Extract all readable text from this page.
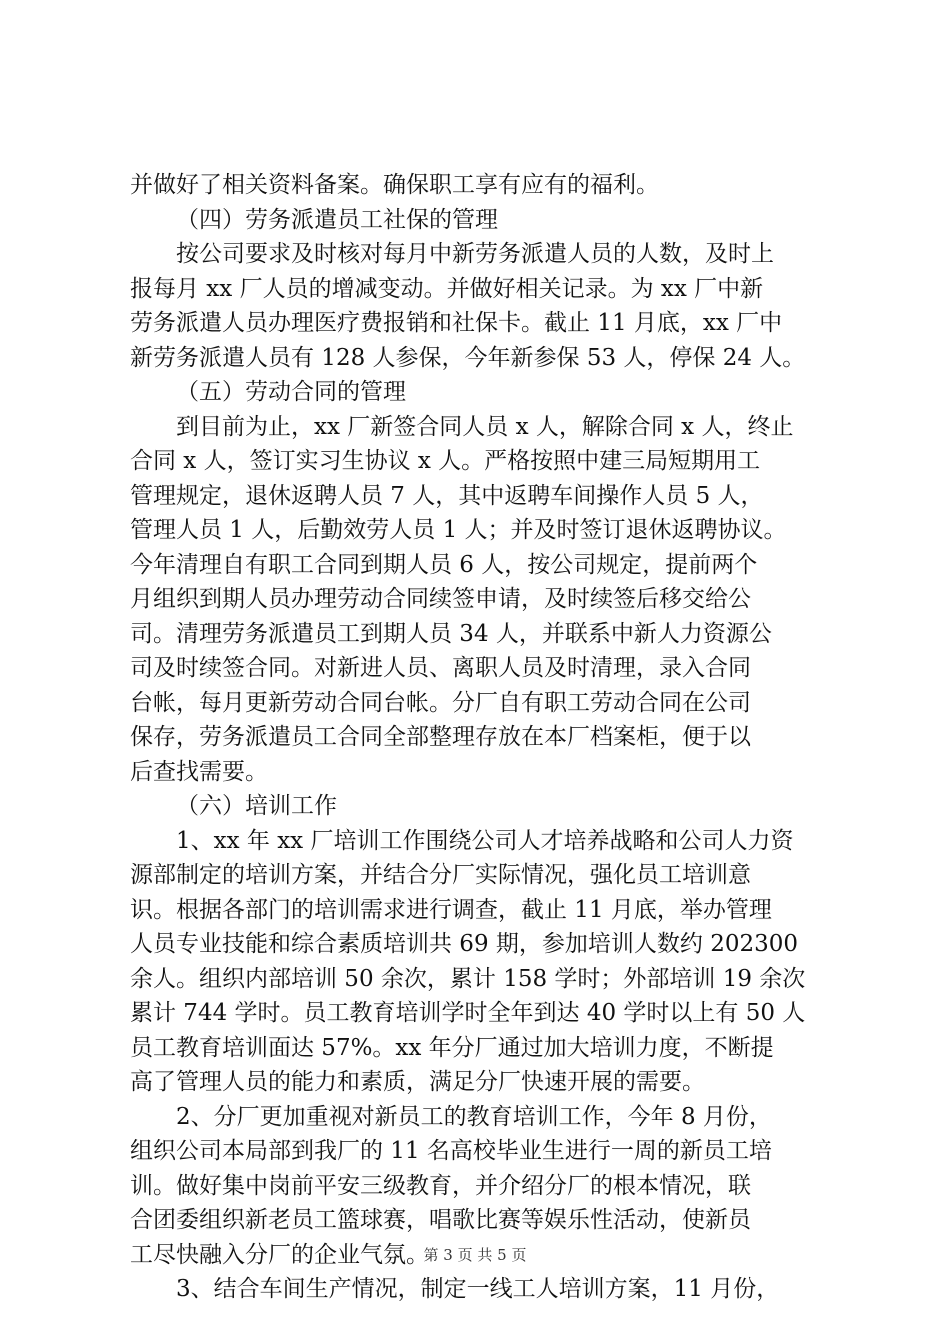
并做好了相关资料备案。确保职工享有应有的福利。
（四）劳务派遣员工社保的管理
按公司要求及时核对每月中新劳务派遣人员的人数，及时上
报每月 xx 厂人员的增减变动。并做好相关记录。为 xx 厂中新
劳务派遣人员办理医疗费报销和社保卡。截止 11 月底，xx 厂中
新劳务派遣人员有 128 人参保，今年新参保 53 人，停保 24 人。
（五）劳动合同的管理
到目前为止，xx 厂新签合同人员 x 人，解除合同 x 人，终止
合同 x 人，签订实习生协议 x 人。严格按照中建三局短期用工
管理规定，退休返聘人员 7 人，其中返聘车间操作人员 5 人，
管理人员 1 人，后勤效劳人员 1 人；并及时签订退休返聘协议。
今年清理自有职工合同到期人员 6 人，按公司规定，提前两个
月组织到期人员办理劳动合同续签申请，及时续签后移交给公
司。清理劳务派遣员工到期人员 34 人，并联系中新人力资源公
司及时续签合同。对新进人员、离职人员及时清理，录入合同
台帐，每月更新劳动合同台帐。分厂自有职工劳动合同在公司
保存，劳务派遣员工合同全部整理存放在本厂档案柜，便于以
后查找需要。
（六）培训工作
1、xx 年 xx 厂培训工作围绕公司人才培养战略和公司人力资
源部制定的培训方案，并结合分厂实际情况，强化员工培训意
识。根据各部门的培训需求进行调查，截止 11 月底，举办管理
人员专业技能和综合素质培训共 69 期，参加培训人数约 202300
余人。组织内部培训 50 余次，累计 158 学时；外部培训 19 余次
累计 744 学时。员工教育培训学时全年到达 40 学时以上有 50 人
员工教育培训面达 57%。xx 年分厂通过加大培训力度，不断提
高了管理人员的能力和素质，满足分厂快速开展的需要。
2、分厂更加重视对新员工的教育培训工作，今年 8 月份，
组织公司本局部到我厂的 11 名高校毕业生进行一周的新员工培
训。做好集中岗前平安三级教育，并介绍分厂的根本情况，联
合团委组织新老员工篮球赛，唱歌比赛等娱乐性活动，使新员
工尽快融入分厂的企业气氛。
3、结合车间生产情况，制定一线工人培训方案，11 月份，
第 3 页 共 5 页
